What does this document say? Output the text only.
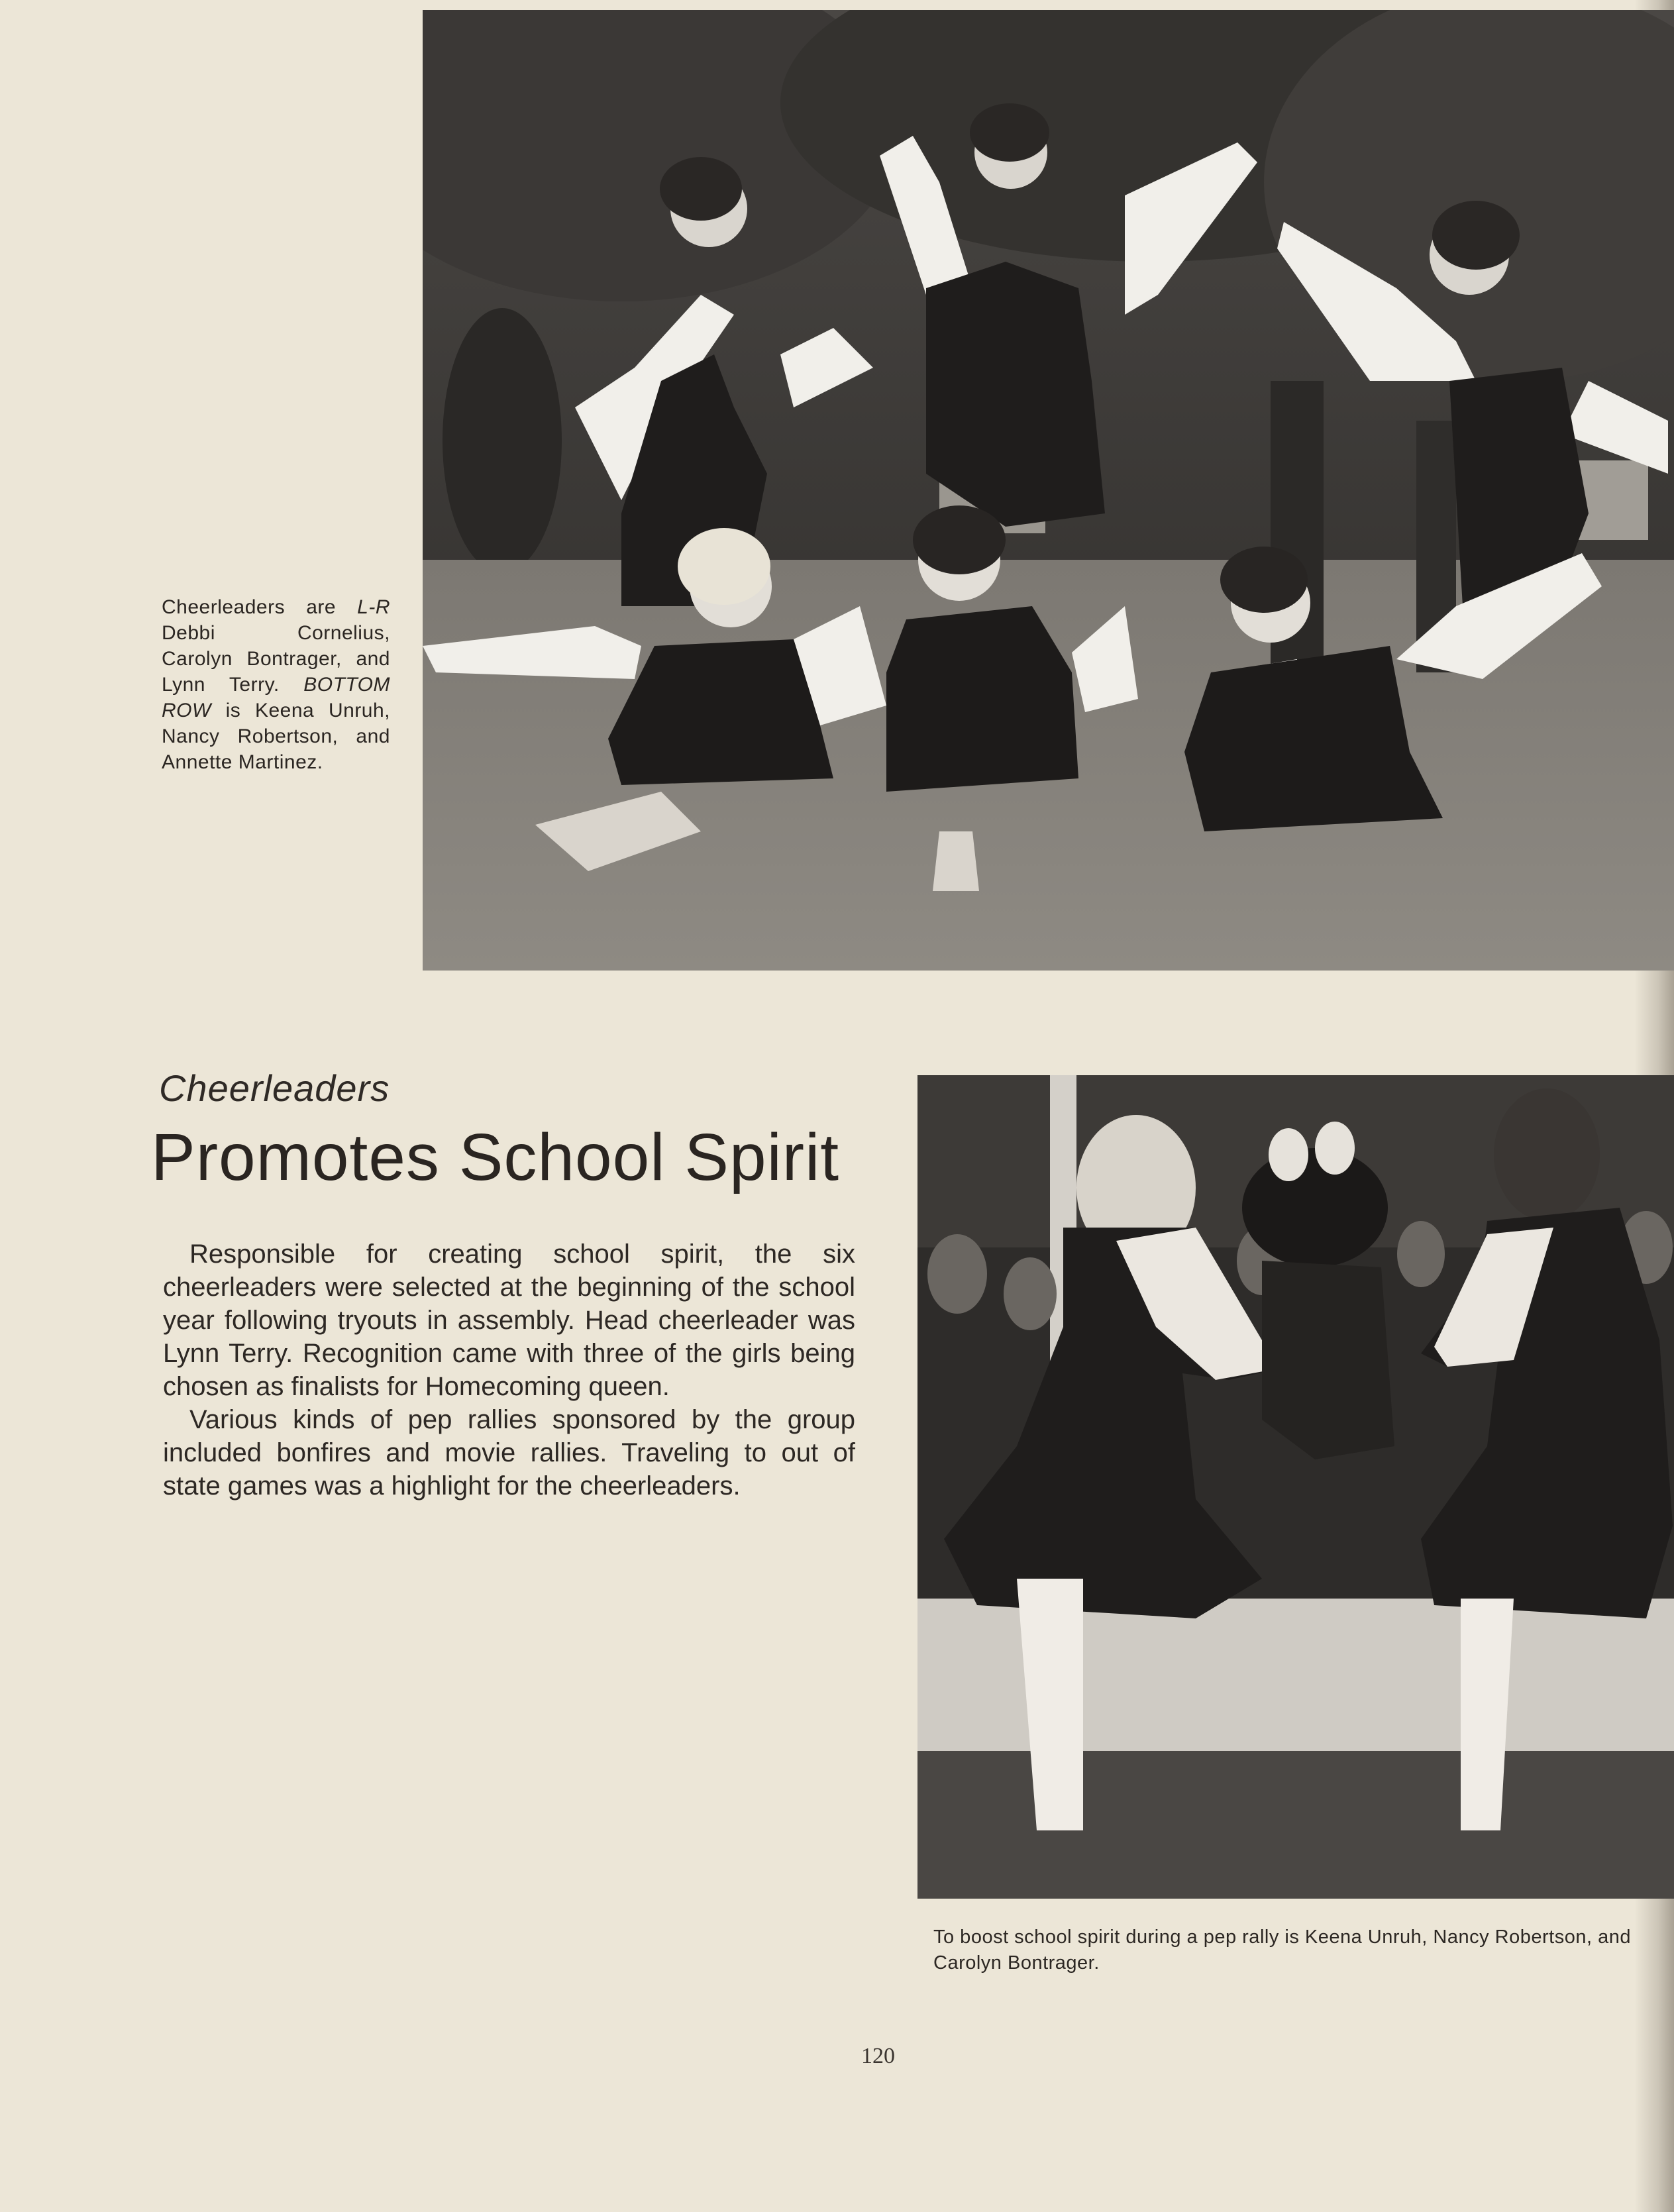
Cheerleaders are L-R Debbi Cornelius, Carolyn Bontrager, and Lynn Terry. BOTTOM ROW is Keena Unruh, Nancy Robertson, and Annette Martinez.
Cheerleaders
Promotes School Spirit

Responsible for creating school spirit, the six cheerleaders were selected at the beginning of the school year following tryouts in assembly. Head cheerleader was Lynn Terry. Recognition came with three of the girls being chosen as finalists for Homecoming queen.

Various kinds of pep rallies sponsored by the group included bonfires and movie rallies. Traveling to out of state games was a highlight for the cheerleaders.

To boost school spirit during a pep rally is Keena Unruh, Nancy Robertson, and Carolyn Bontrager.
120
